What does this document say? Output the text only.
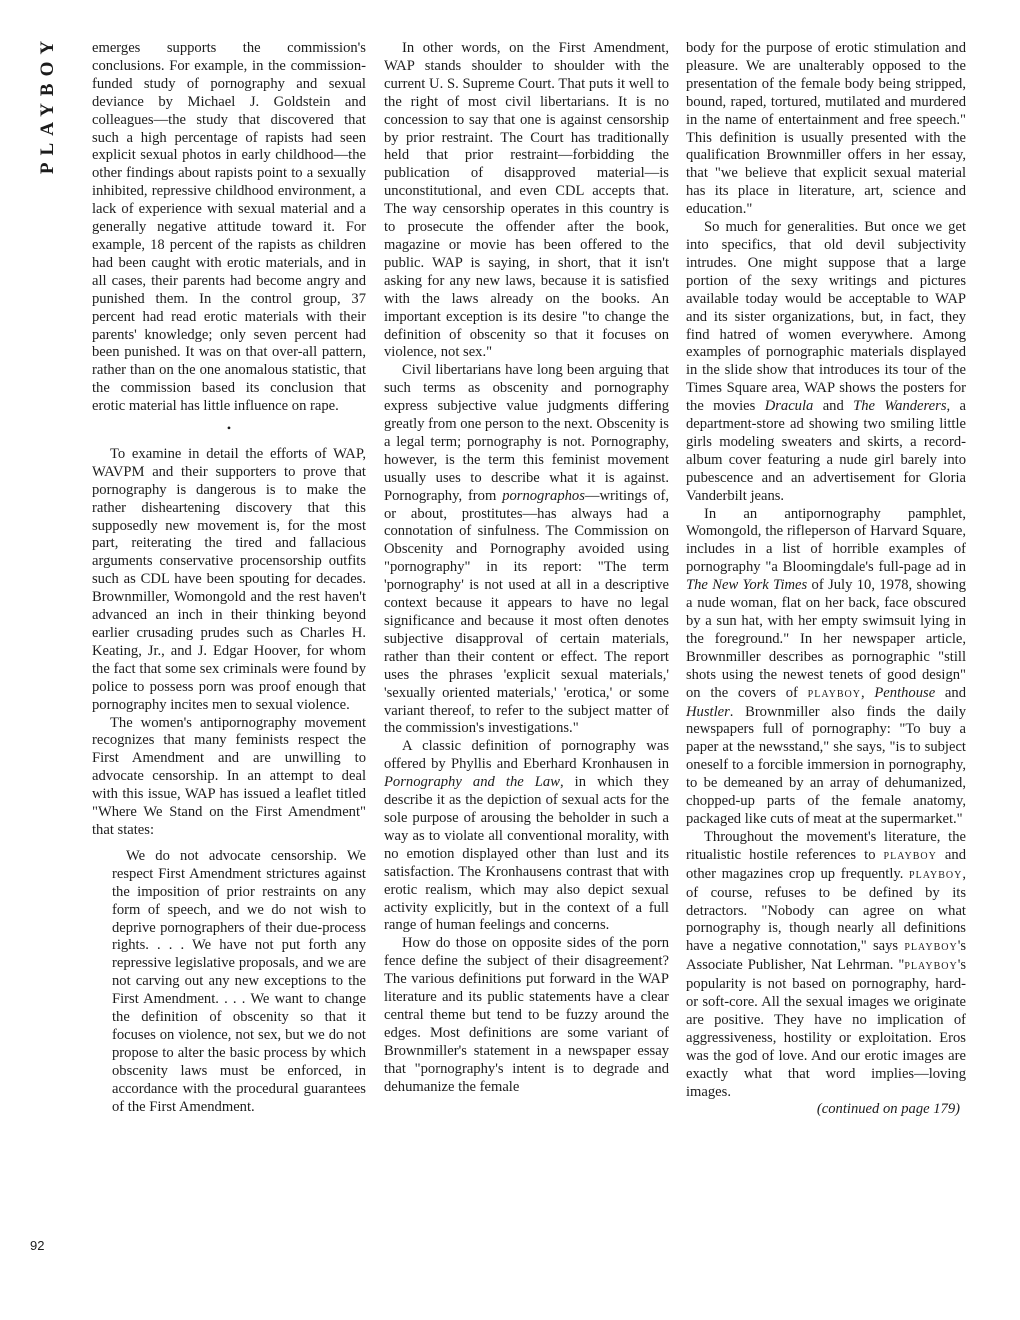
PLAYBOY emerges supports the commission's conclusions. For example, in the commission-funded study of pornography and sexual deviance by Michael J. Goldstein and colleagues—the study that discovered that such a high percentage of rapists had seen explicit sexual photos in early childhood—the other findings about rapists point to a sexually inhibited, repressive childhood environment, a lack of experience with sexual material and a generally negative attitude toward it. For example, 18 percent of the rapists as children had been caught with erotic materials, and in all cases, their parents had become angry and punished them. In the control group, 37 percent had read erotic materials with their parents' knowledge; only seven percent had been punished. It was on that over-all pattern, rather than on the one anomalous statistic, that the commission based its conclusion that erotic material has little influence on rape.

•

To examine in detail the efforts of WAP, WAVPM and their supporters to prove that pornography is dangerous is to make the rather disheartening discovery that this supposedly new movement is, for the most part, reiterating the tired and fallacious arguments conservative procensorship outfits such as CDL have been spouting for decades. Brownmiller, Womongold and the rest haven't advanced an inch in their thinking beyond earlier crusading prudes such as Charles H. Keating, Jr., and J. Edgar Hoover, for whom the fact that some sex criminals were found by police to possess porn was proof enough that pornography incites men to sexual violence.

The women's antipornography movement recognizes that many feminists respect the First Amendment and are unwilling to advocate censorship. In an attempt to deal with this issue, WAP has issued a leaflet titled "Where We Stand on the First Amendment" that states:

We do not advocate censorship. We respect First Amendment strictures against the imposition of prior restraints on any form of speech, and we do not wish to deprive pornographers of their due-process rights. . . . We have not put forth any repressive legislative proposals, and we are not carving out any new exceptions to the First Amendment. . . . We want to change the definition of obscenity so that it focuses on violence, not sex, but we do not propose to alter the basic process by which obscenity laws must be enforced, in accordance with the procedural guarantees of the First Amendment.

In other words, on the First Amendment, WAP stands shoulder to shoulder with the current U. S. Supreme Court. That puts it well to the right of most civil libertarians. It is no concession to say that one is against censorship by prior restraint. The Court has traditionally held that prior restraint—forbidding the publication of disapproved material—is unconstitutional, and even CDL accepts that. The way censorship operates in this country is to prosecute the offender after the book, magazine or movie has been offered to the public. WAP is saying, in short, that it isn't asking for any new laws, because it is satisfied with the laws already on the books. An important exception is its desire "to change the definition of obscenity so that it focuses on violence, not sex."

Civil libertarians have long been arguing that such terms as obscenity and pornography express subjective value judgments differing greatly from one person to the next. Obscenity is a legal term; pornography is not. Pornography, however, is the term this feminist movement usually uses to describe what it is against. Pornography, from pornographos—writings of, or about, prostitutes—has always had a connotation of sinfulness. The Commission on Obscenity and Pornography avoided using "pornography" in its report: "The term 'pornography' is not used at all in a descriptive context because it appears to have no legal significance and because it most often denotes subjective disapproval of certain materials, rather than their content or effect. The report uses the phrases 'explicit sexual materials,' 'sexually oriented materials,' 'erotica,' or some variant thereof, to refer to the subject matter of the commission's investigations."

A classic definition of pornography was offered by Phyllis and Eberhard Kronhausen in Pornography and the Law, in which they describe it as the depiction of sexual acts for the sole purpose of arousing the beholder in such a way as to violate all conventional morality, with no emotion displayed other than lust and its satisfaction. The Kronhausens contrast that with erotic realism, which may also depict sexual activity explicitly, but in the context of a full range of human feelings and concerns.

How do those on opposite sides of the porn fence define the subject of their disagreement? The various definitions put forward in the WAP literature and its public statements have a clear central theme but tend to be fuzzy around the edges. Most definitions are some variant of Brownmiller's statement in a newspaper essay that "pornography's intent is to degrade and dehumanize the female

body for the purpose of erotic stimulation and pleasure. We are unalterably opposed to the presentation of the female body being stripped, bound, raped, tortured, mutilated and murdered in the name of entertainment and free speech." This definition is usually presented with the qualification Brownmiller offers in her essay, that "we believe that explicit sexual material has its place in literature, art, science and education."

So much for generalities. But once we get into specifics, that old devil subjectivity intrudes. One might suppose that a large portion of the sexy writings and pictures available today would be acceptable to WAP and its sister organizations, but, in fact, they find hatred of women everywhere. Among examples of pornographic materials displayed in the slide show that introduces its tour of the Times Square area, WAP shows the posters for the movies Dracula and The Wanderers, a department-store ad showing two smiling little girls modeling sweaters and skirts, a record-album cover featuring a nude girl barely into pubescence and an advertisement for Gloria Vanderbilt jeans.

In an antipornography pamphlet, Womongold, the rifleperson of Harvard Square, includes in a list of horrible examples of pornography "a Bloomingdale's full-page ad in The New York Times of July 10, 1978, showing a nude woman, flat on her back, face obscured by a sun hat, with her empty swimsuit lying in the foreground." In her newspaper article, Brownmiller describes as pornographic "still shots using the newest tenets of good design" on the covers of PLAYBOY, Penthouse and Hustler. Brownmiller also finds the daily newspapers full of pornography: "To buy a paper at the newsstand," she says, "is to subject oneself to a forcible immersion in pornography, to be demeaned by an array of dehumanized, chopped-up parts of the female anatomy, packaged like cuts of meat at the supermarket."

Throughout the movement's literature, the ritualistic hostile references to PLAYBOY and other magazines crop up frequently. PLAYBOY, of course, refuses to be defined by its detractors. "Nobody can agree on what pornography is, though nearly all definitions have a negative connotation," says PLAYBOY's Associate Publisher, Nat Lehrman. "PLAYBOY's popularity is not based on pornography, hard- or soft-core. All the sexual images we originate are positive. They have no implication of aggressiveness, hostility or exploitation. Eros was the god of love. And our erotic images are exactly what that word implies—loving images.

(continued on page 179)
92
